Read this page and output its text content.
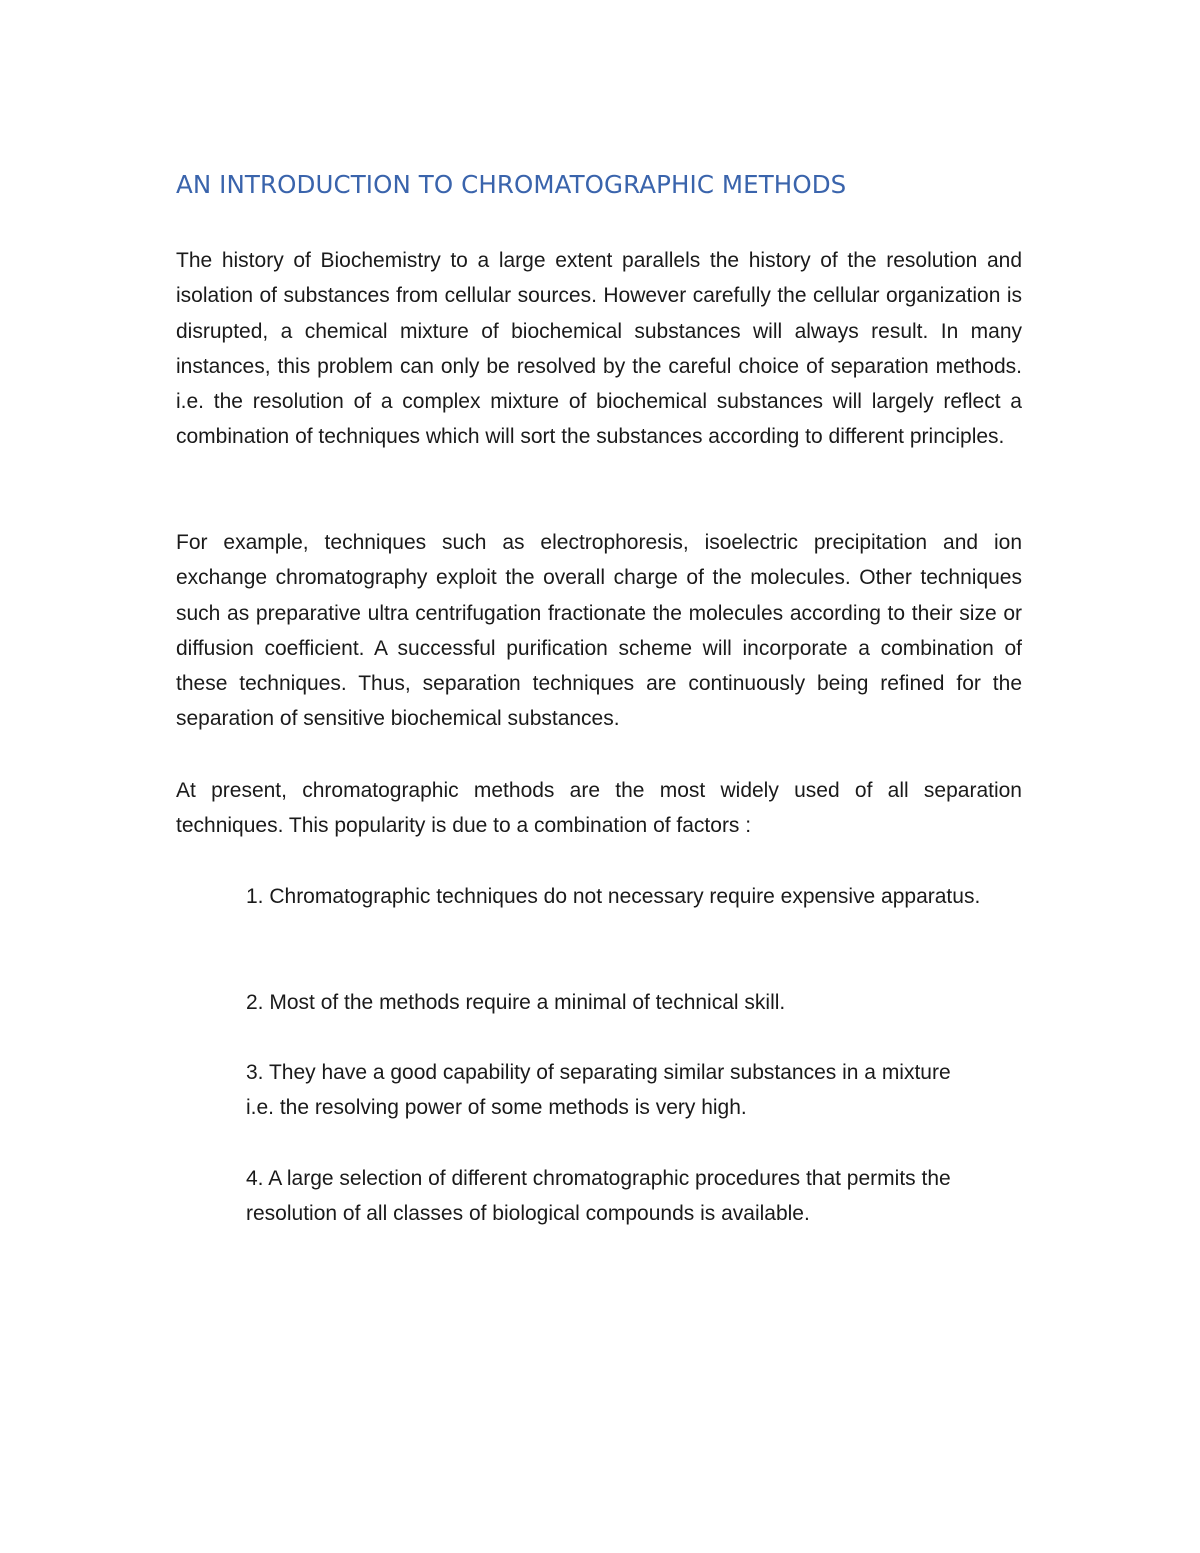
AN INTRODUCTION TO CHROMATOGRAPHIC METHODS

The history of Biochemistry to a large extent parallels the history of the resolution and isolation of substances from cellular sources. However carefully the cellular organization is disrupted, a chemical mixture of biochemical substances will always result. In many instances, this problem can only be resolved by the careful choice of separation methods. i.e. the resolution of a complex mixture of biochemical substances will largely reflect a combination of techniques which will sort the substances according to different principles.

For example, techniques such as electrophoresis, isoelectric precipitation and ion exchange chromatography exploit the overall charge of the molecules. Other techniques such as preparative ultra centrifugation fractionate the molecules according to their size or diffusion coefficient. A successful purification scheme will incorporate a combination of these techniques. Thus, separation techniques are continuously being refined for the separation of sensitive biochemical substances.

At present, chromatographic methods are the most widely used of all separation techniques. This popularity is due to a combination of factors :

1. Chromatographic techniques do not necessary require expensive apparatus.

2. Most of the methods require a minimal of technical skill.

3. They have a good capability of separating similar substances in a mixture i.e. the resolving power of some methods is very high.

4. A large selection of different chromatographic procedures that permits the resolution of all classes of biological compounds is available.
